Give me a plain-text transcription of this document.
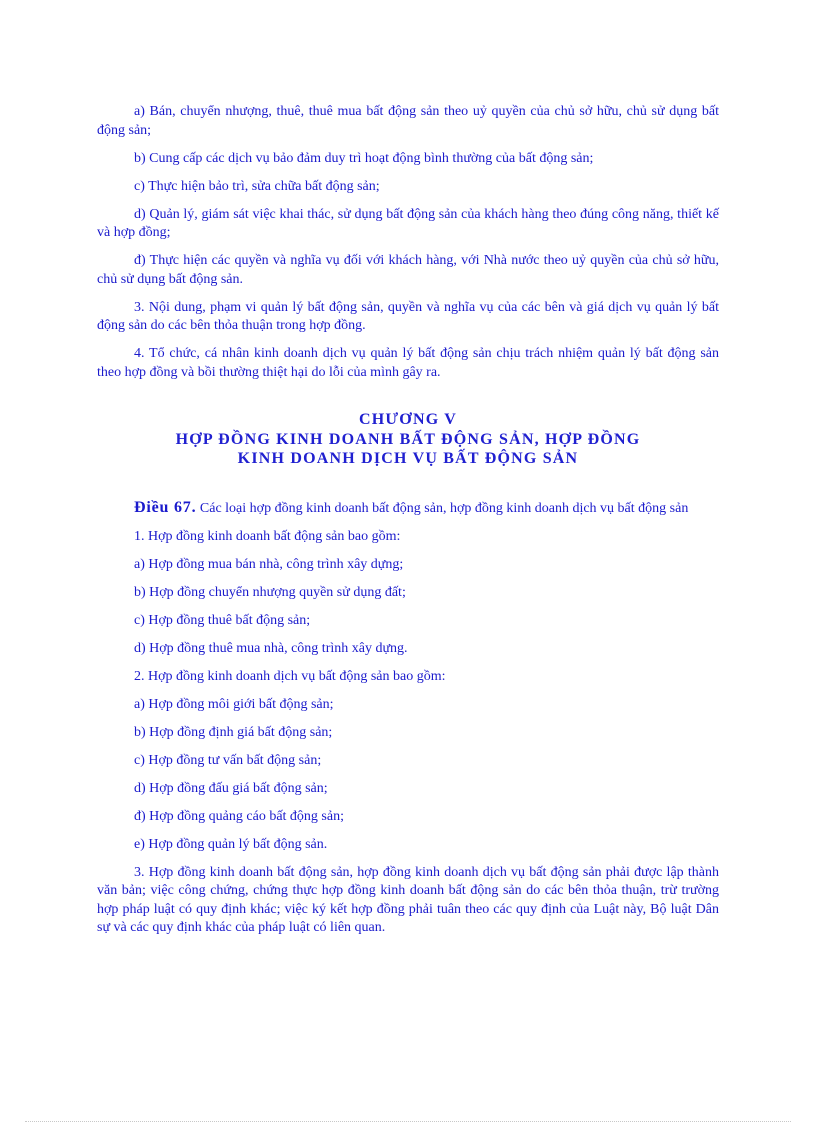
a) Bán, chuyển nhượng, thuê, thuê mua bất động sản theo uỷ quyền của chủ sở hữu, chủ sử dụng bất động sản;

b) Cung cấp các dịch vụ bảo đảm duy trì hoạt động bình thường của bất động sản;

c) Thực hiện bảo trì, sửa chữa bất động sản;

d) Quản lý, giám sát việc khai thác, sử dụng bất động sản của khách hàng theo đúng công năng, thiết kế và hợp đồng;

đ) Thực hiện các quyền và nghĩa vụ đối với khách hàng, với Nhà nước theo uỷ quyền của chủ sở hữu, chủ sử dụng bất động sản.

3. Nội dung, phạm vi quản lý bất động sản, quyền và nghĩa vụ của các bên và giá dịch vụ quản lý bất động sản do các bên thỏa thuận trong hợp đồng.

4. Tổ chức, cá nhân kinh doanh dịch vụ quản lý bất động sản chịu trách nhiệm quản lý bất động sản theo hợp đồng và bồi thường thiệt hại do lỗi của mình gây ra.

CHƯƠNG V
HỢP ĐỒNG KINH DOANH BẤT ĐỘNG SẢN, HỢP ĐỒNG
KINH DOANH DỊCH VỤ BẤT ĐỘNG SẢN

Điều 67. Các loại hợp đồng kinh doanh bất động sản, hợp đồng kinh doanh dịch vụ bất động sản

1. Hợp đồng kinh doanh bất động sản bao gồm:

a) Hợp đồng mua bán nhà, công trình xây dựng;

b) Hợp đồng chuyển nhượng quyền sử dụng đất;

c) Hợp đồng thuê bất động sản;

d) Hợp đồng thuê mua nhà, công trình xây dựng.

2. Hợp đồng kinh doanh dịch vụ bất động sản bao gồm:

a) Hợp đồng môi giới bất động sản;

b) Hợp đồng định giá bất động sản;

c) Hợp đồng tư vấn bất động sản;

d) Hợp đồng đấu giá bất động sản;

đ) Hợp đồng quảng cáo bất động sản;

e) Hợp đồng quản lý bất động sản.

3. Hợp đồng kinh doanh bất động sản, hợp đồng kinh doanh dịch vụ bất động sản phải được lập thành văn bản; việc công chứng, chứng thực hợp đồng kinh doanh bất động sản do các bên thỏa thuận, trừ trường hợp pháp luật có quy định khác; việc ký kết hợp đồng phải tuân theo các quy định của Luật này, Bộ luật Dân sự và các quy định khác của pháp luật có liên quan.
